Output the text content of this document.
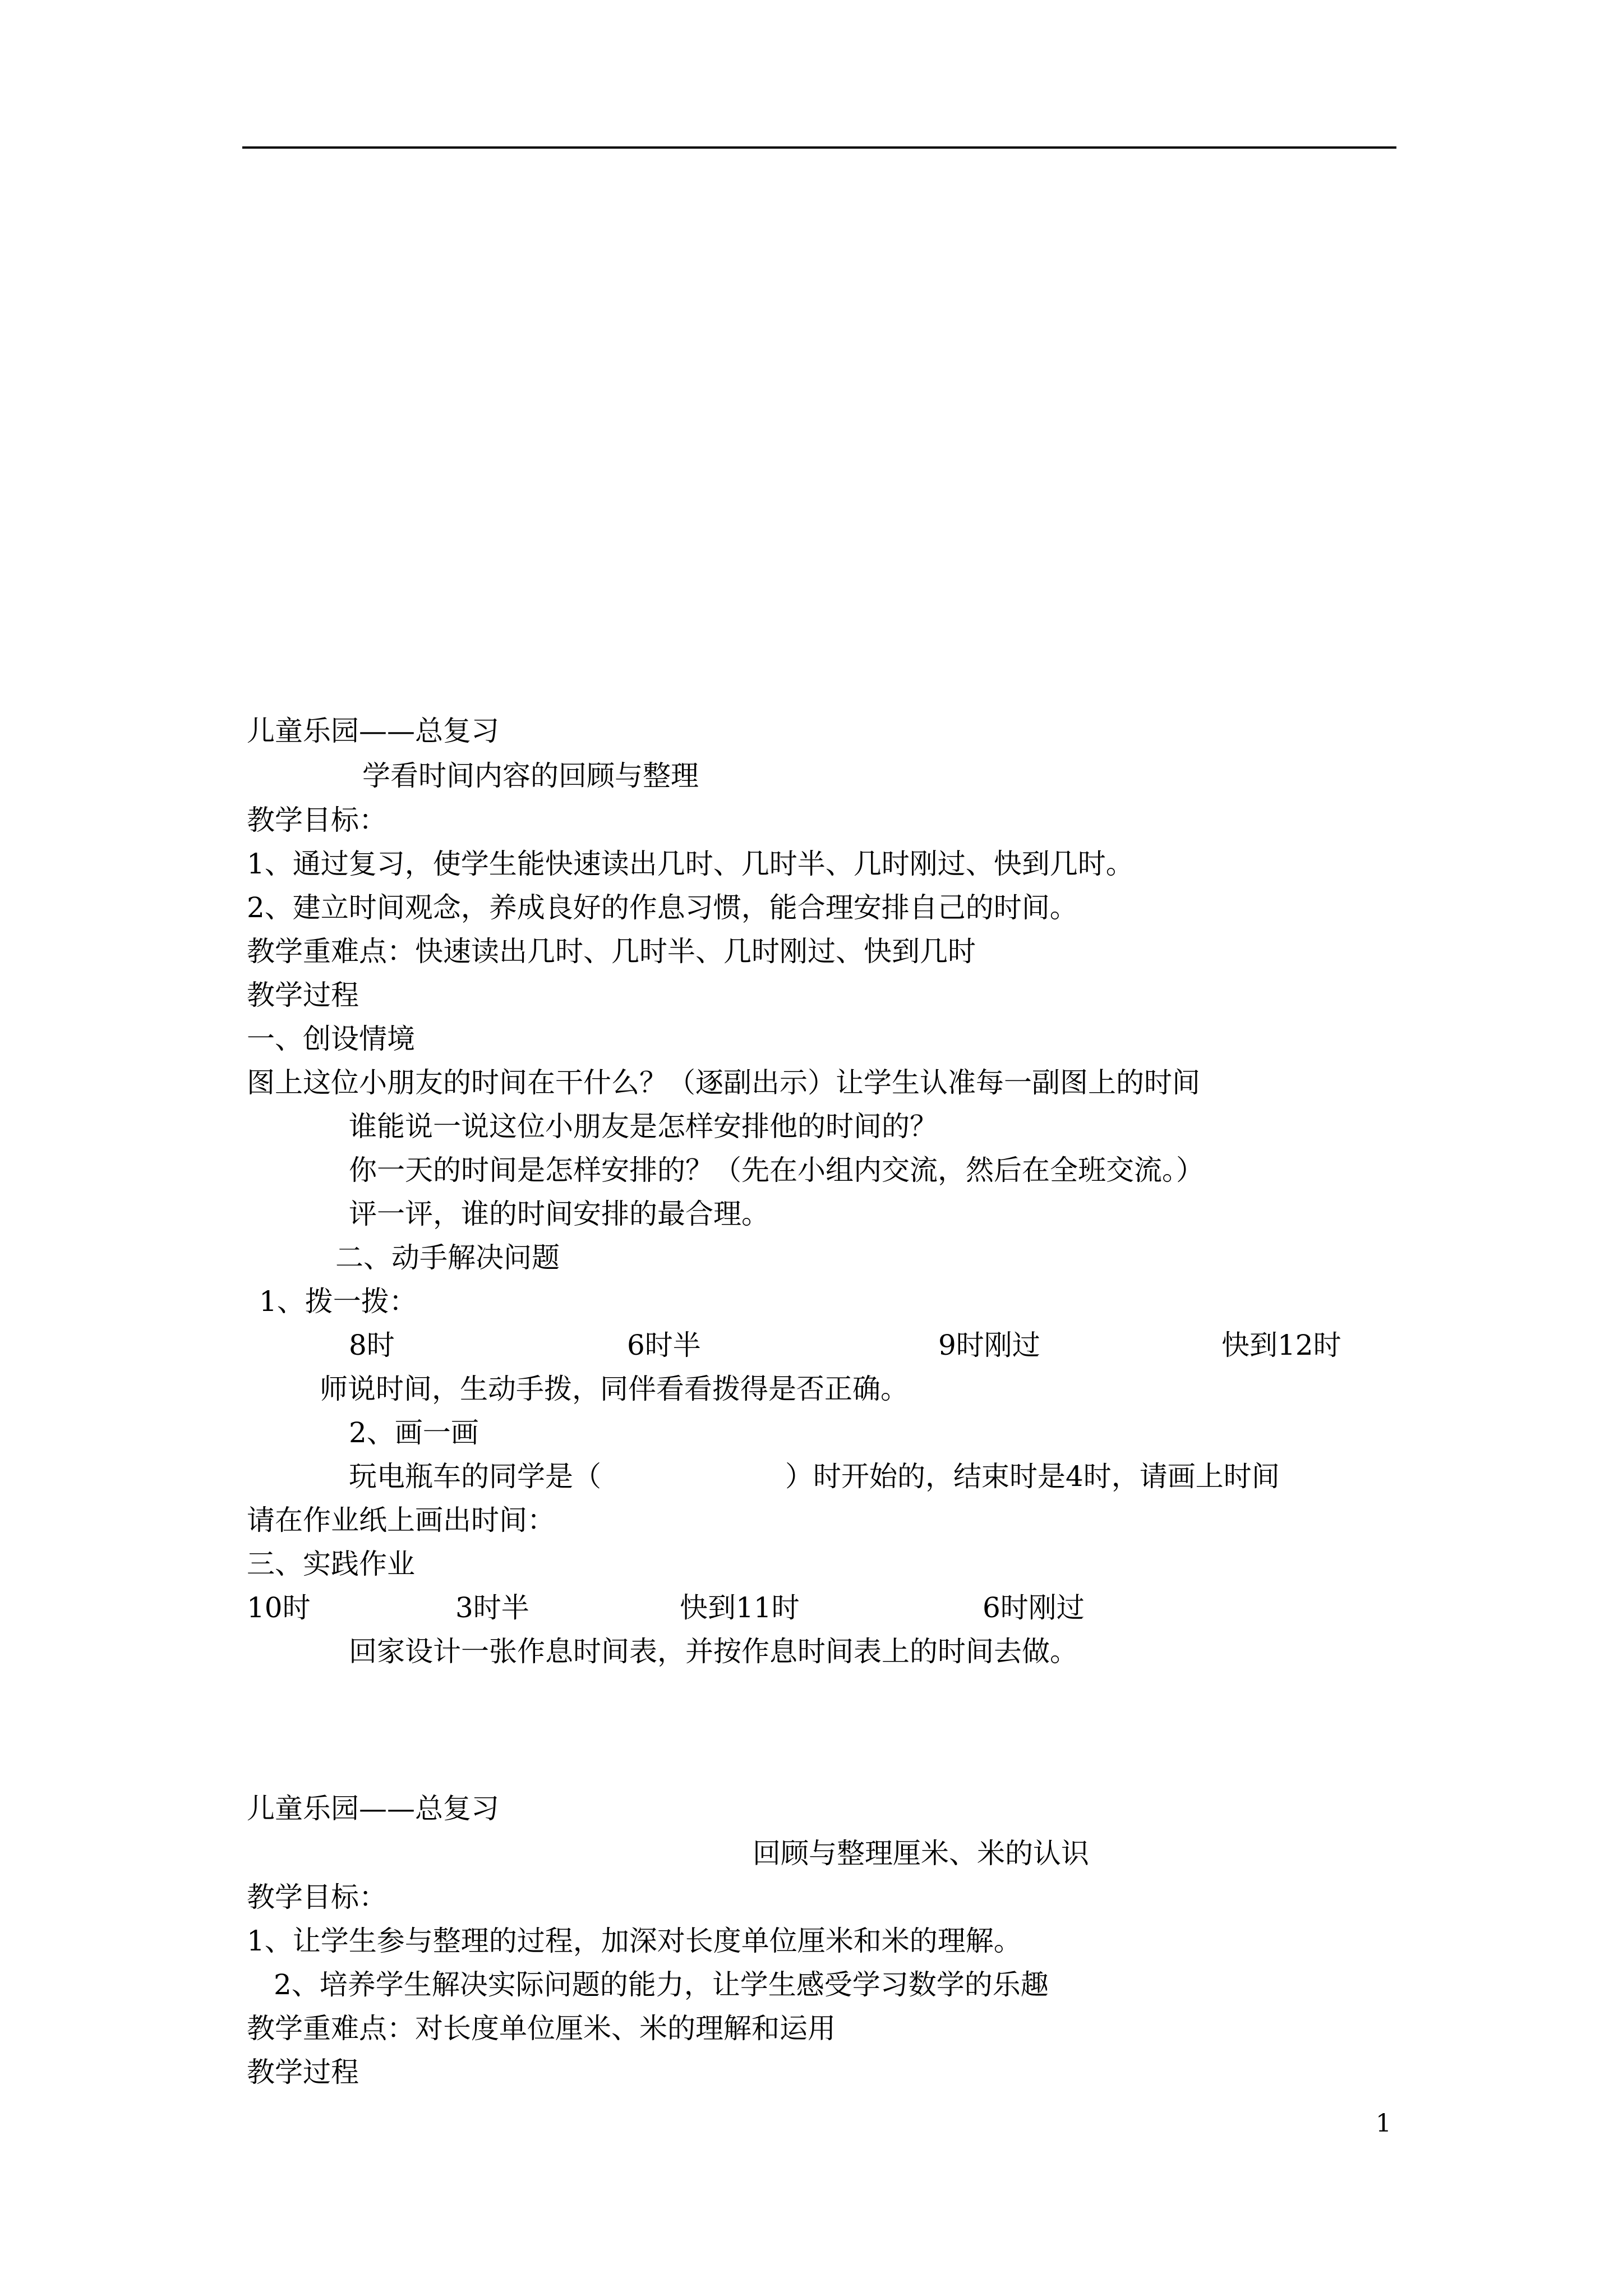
儿童乐园——总复习
学看时间内容的回顾与整理
教学目标：
1、通过复习，使学生能快速读出几时、几时半、几时刚过、快到几时。
2、建立时间观念，养成良好的作息习惯，能合理安排自己的时间。
教学重难点：快速读出几时、几时半、几时刚过、快到几时
教学过程
一、创设情境
图上这位小朋友的时间在干什么？（逐副出示）让学生认准每一副图上的时间
谁能说一说这位小朋友是怎样安排他的时间的？
你一天的时间是怎样安排的？（先在小组内交流，然后在全班交流。）
评一评，谁的时间安排的最合理。
二、动手解决问题
1、拨一拨：
8时	6时半	9时刚过	快到12时
师说时间，生动手拨，同伴看看拨得是否正确。
2、画一画
玩电瓶车的同学是（	）时开始的，结束时是4时，请画上时间
请在作业纸上画出时间：
三、实践作业
10时	3时半	快到11时	6时刚过
回家设计一张作息时间表，并按作息时间表上的时间去做。
儿童乐园——总复习
回顾与整理厘米、米的认识
教学目标：
1、让学生参与整理的过程，加深对长度单位厘米和米的理解。
2、培养学生解决实际问题的能力，让学生感受学习数学的乐趣
教学重难点：对长度单位厘米、米的理解和运用
教学过程
1
